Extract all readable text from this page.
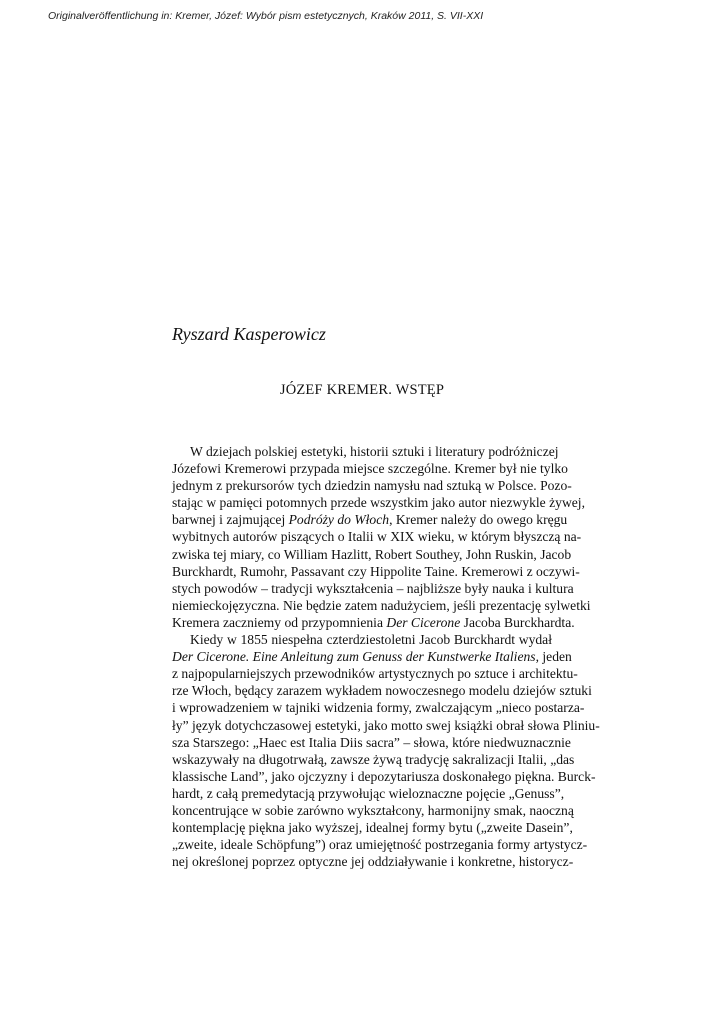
Originalveröffentlichung in: Kremer, Józef: Wybór pism estetycznych, Kraków 2011, S. VII-XXI
Ryszard Kasperowicz
JÓZEF KREMER. WSTĘP
W dziejach polskiej estetyki, historii sztuki i literatury podróżniczej
Józefowi Kremerowi przypada miejsce szczególne. Kremer był nie tylko
jednym z prekursorów tych dziedzin namysłu nad sztuką w Polsce. Pozo-
stając w pamięci potomnych przede wszystkim jako autor niezwykle żywej,
barwnej i zajmującej Podróży do Włoch, Kremer należy do owego kręgu
wybitnych autorów piszących o Italii w XIX wieku, w którym błyszczą na-
zwiska tej miary, co William Hazlitt, Robert Southey, John Ruskin, Jacob
Burckhardt, Rumohr, Passavant czy Hippolite Taine. Kremerowi z oczywi-
stych powodów – tradycji wykształcenia – najbliższe były nauka i kultura
niemieckojęzyczna. Nie będzie zatem nadużyciem, jeśli prezentację sylwetki
Kremera zaczniemy od przypomnienia Der Cicerone Jacoba Burckhardta.
Kiedy w 1855 niespełna czterdziestoletni Jacob Burckhardt wydał
Der Cicerone. Eine Anleitung zum Genuss der Kunstwerke Italiens, jeden
z najpopularniejszych przewodników artystycznych po sztuce i architektu-
rze Włoch, będący zarazem wykładem nowoczesnego modelu dziejów sztuki
i wprowadzeniem w tajniki widzenia formy, zwalczającym „nieco postarza-
ły” język dotychczasowej estetyki, jako motto swej książki obrał słowa Pliniu-
sza Starszego: „Haec est Italia Diis sacra” – słowa, które niedwuznacznie
wskazywały na długotrwałą, zawsze żywą tradycję sakralizacji Italii, „das
klassische Land”, jako ojczyzny i depozytariusza doskonałego piękna. Burck-
hardt, z całą premedytacją przywołując wieloznaczne pojęcie „Genuss”,
koncentrujące w sobie zarówno wykształcony, harmonijny smak, naoczną
kontemplację piękna jako wyższej, idealnej formy bytu („zweite Dasein”,
„zweite, ideale Schöpfung”) oraz umiejętność postrzegania formy artystycz-
nej określonej poprzez optyczne jej oddziaływanie i konkretne, historycz-
